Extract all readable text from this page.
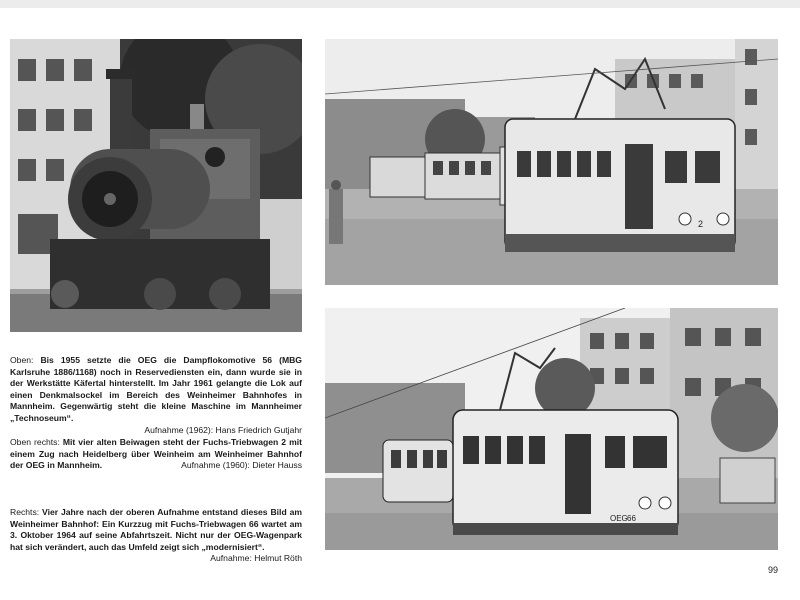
2
OEG 66
Oben: Bis 1955 setzte die OEG die Dampflokomotive 56 (MBG Karlsruhe 1886/1168) noch in Reservediensten ein, dann wurde sie in der Werkstätte Käfertal hinterstellt. Im Jahr 1961 gelangte die Lok auf einen Denkmalsockel im Bereich des Weinheimer Bahnhofes in Mannheim. Gegenwärtig steht die kleine Maschine im Mannheimer „Technoseum“.
Aufnahme (1962): Hans Friedrich Gutjahr
Oben rechts: Mit vier alten Beiwagen steht der Fuchs-Triebwagen 2 mit einem Zug nach Heidelberg über Weinheim am Weinheimer Bahnhof der OEG in Mannheim.	Aufnahme (1960): Dieter Hauss
Rechts: Vier Jahre nach der oberen Aufnahme entstand dieses Bild am Weinheimer Bahnhof: Ein Kurzzug mit Fuchs-Triebwagen 66 wartet am 3. Oktober 1964 auf seine Abfahrtszeit. Nicht nur der OEG-Wagenpark hat sich verändert, auch das Umfeld zeigt sich „modernisiert“.
Aufnahme: Helmut Röth
99
